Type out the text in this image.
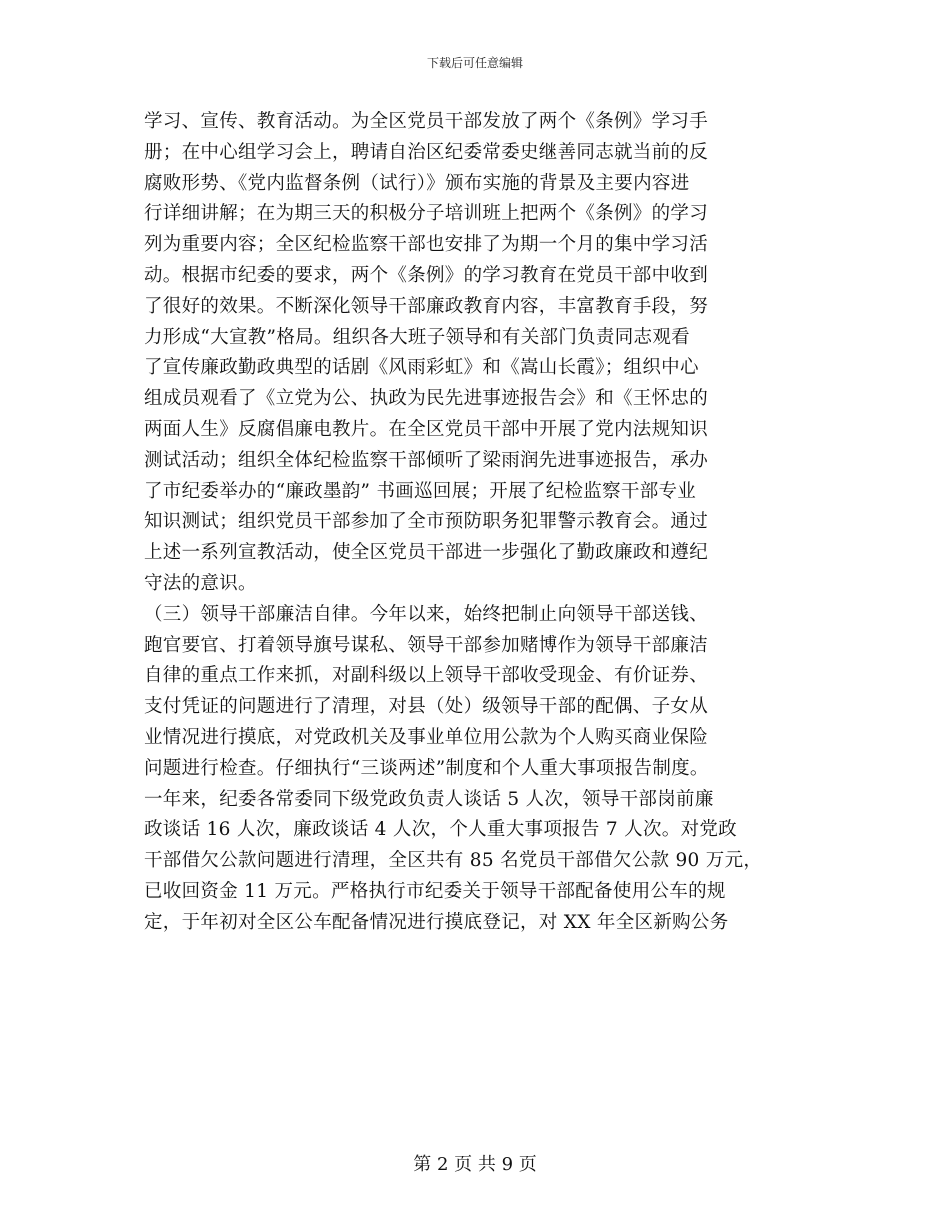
下载后可任意编辑
学习、宣传、教育活动。为全区党员干部发放了两个《条例》学习手
册；在中心组学习会上，聘请自治区纪委常委史继善同志就当前的反
腐败形势、《党内监督条例（试行）》颁布实施的背景及主要内容进
行详细讲解；在为期三天的积极分子培训班上把两个《条例》的学习
列为重要内容；全区纪检监察干部也安排了为期一个月的集中学习活
动。根据市纪委的要求，两个《条例》的学习教育在党员干部中收到
了很好的效果。不断深化领导干部廉政教育内容，丰富教育手段，努
力形成“大宣教”格局。组织各大班子领导和有关部门负责同志观看
了宣传廉政勤政典型的话剧《风雨彩虹》和《嵩山长霞》；组织中心
组成员观看了《立党为公、执政为民先进事迹报告会》和《王怀忠的
两面人生》反腐倡廉电教片。在全区党员干部中开展了党内法规知识
测试活动；组织全体纪检监察干部倾听了梁雨润先进事迹报告，承办
了市纪委举办的“廉政墨韵” 书画巡回展；开展了纪检监察干部专业
知识测试；组织党员干部参加了全市预防职务犯罪警示教育会。通过
上述一系列宣教活动，使全区党员干部进一步强化了勤政廉政和遵纪
守法的意识。
（三）领导干部廉洁自律。今年以来，始终把制止向领导干部送钱、
跑官要官、打着领导旗号谋私、领导干部参加赌博作为领导干部廉洁
自律的重点工作来抓，对副科级以上领导干部收受现金、有价证券、
支付凭证的问题进行了清理，对县（处）级领导干部的配偶、子女从
业情况进行摸底，对党政机关及事业单位用公款为个人购买商业保险
问题进行检查。仔细执行“三谈两述”制度和个人重大事项报告制度。
一年来，纪委各常委同下级党政负责人谈话 5 人次，领导干部岗前廉
政谈话 16 人次，廉政谈话 4 人次，个人重大事项报告 7 人次。对党政
干部借欠公款问题进行清理，全区共有 85 名党员干部借欠公款 90 万元，
已收回资金 11 万元。严格执行市纪委关于领导干部配备使用公车的规
定，于年初对全区公车配备情况进行摸底登记，对 XX 年全区新购公务
第 2 页 共 9 页
